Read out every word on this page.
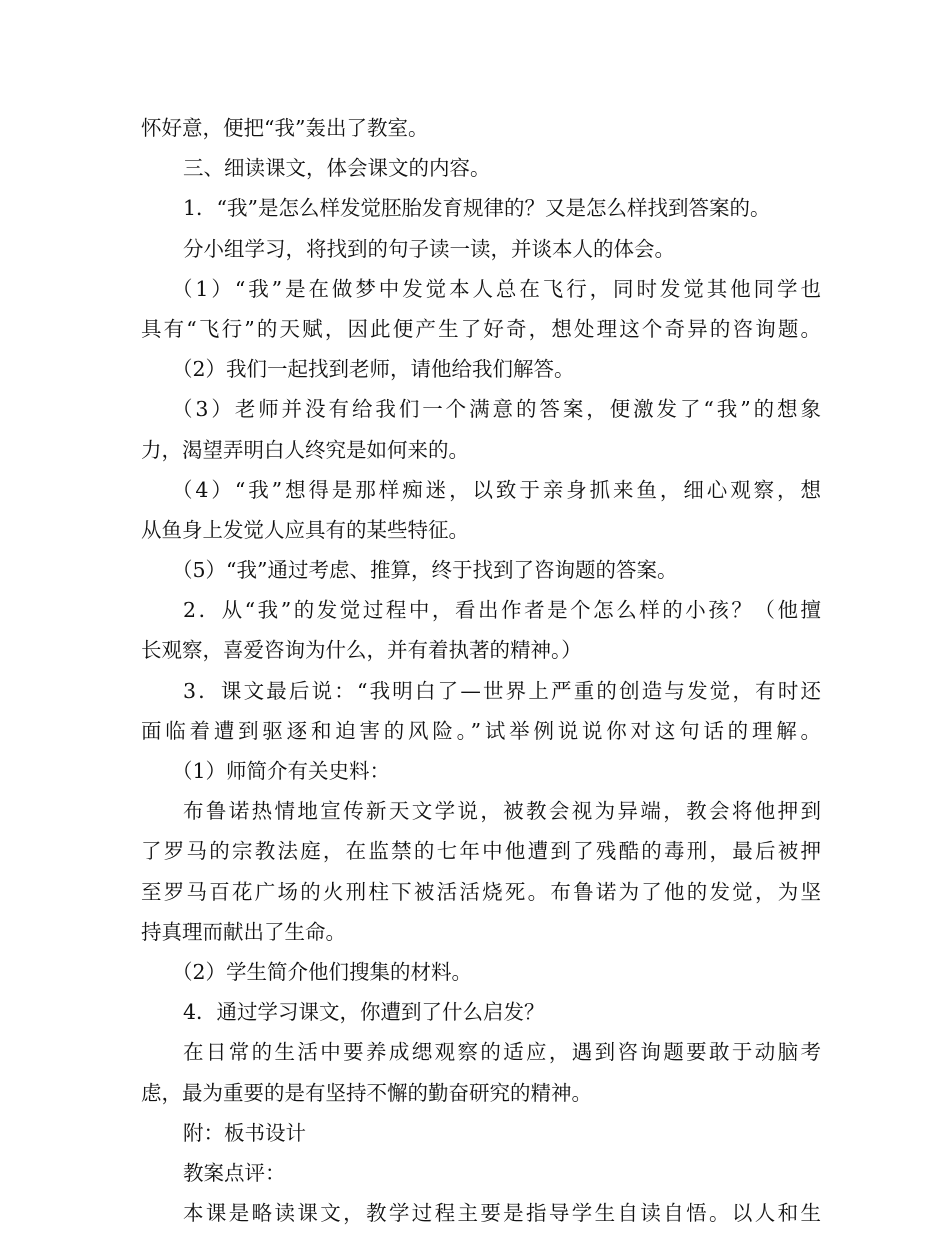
怀好意，便把“我”轰出了教室。
三、细读课文，体会课文的内容。
1．“我”是怎么样发觉胚胎发育规律的？又是怎么样找到答案的。
分小组学习，将找到的句子读一读，并谈本人的体会。
（1）“我”是在做梦中发觉本人总在飞行，同时发觉其他同学也
具有“飞行”的天赋，因此便产生了好奇，想处理这个奇异的咨询题。
（2）我们一起找到老师，请他给我们解答。
（3）老师并没有给我们一个满意的答案，便激发了“我”的想象
力，渴望弄明白人终究是如何来的。
（4）“我”想得是那样痴迷，以致于亲身抓来鱼，细心观察，想
从鱼身上发觉人应具有的某些特征。
（5）“我”通过考虑、推算，终于找到了咨询题的答案。
2．从“我”的发觉过程中，看出作者是个怎么样的小孩？（他擅
长观察，喜爱咨询为什么，并有着执著的精神。）
3．课文最后说：“我明白了—世界上严重的创造与发觉，有时还
面临着遭到驱逐和迫害的风险。”试举例说说你对这句话的理解。
（1）师简介有关史料：
布鲁诺热情地宣传新天文学说，被教会视为异端，教会将他押到
了罗马的宗教法庭，在监禁的七年中他遭到了残酷的毒刑，最后被押
至罗马百花广场的火刑柱下被活活烧死。布鲁诺为了他的发觉，为坚
持真理而献出了生命。
（2）学生简介他们搜集的材料。
4．通过学习课文，你遭到了什么启发？
在日常的生活中要养成缌观察的适应，遇到咨询题要敢于动脑考
虑，最为重要的是有坚持不懈的勤奋研究的精神。
附：板书设计
教案点评：
本课是略读课文，教学过程主要是指导学生自读自悟。以人和生
